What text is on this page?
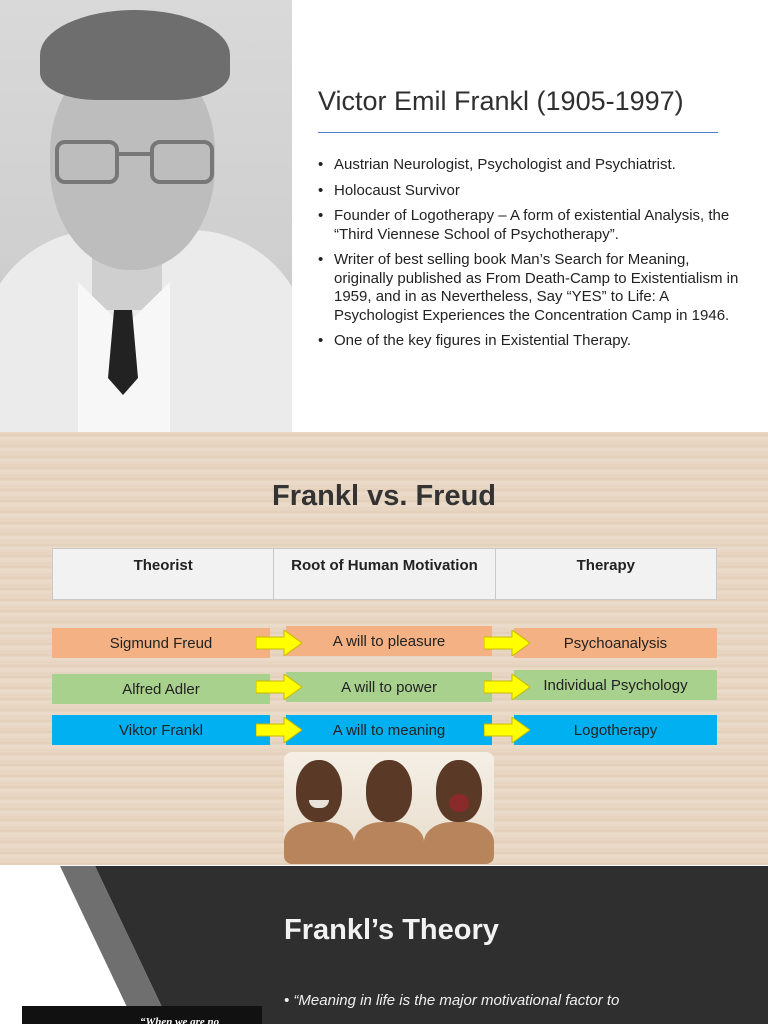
Victor Emil Frankl (1905-1997)
• Austrian Neurologist, Psychologist and Psychiatrist.
• Holocaust Survivor
• Founder of Logotherapy – A form of existential Analysis, the “Third Viennese School of Psychotherapy”.
• Writer of best selling book Man’s Search for Meaning, originally published as From Death-Camp to Existentialism in 1959, and in as Nevertheless, Say “YES” to Life: A Psychologist Experiences the Concentration Camp in 1946.
• One of the key figures in Existential Therapy.
Frankl vs. Freud
Theorist	Root of Human Motivation	Therapy
Sigmund Freud	A will to pleasure	Psychoanalysis
Alfred Adler	A will to power	Individual Psychology
Viktor Frankl	A will to meaning	Logotherapy
“When we are no
Frankl’s Theory
• “Meaning in life is the major motivational factor to
